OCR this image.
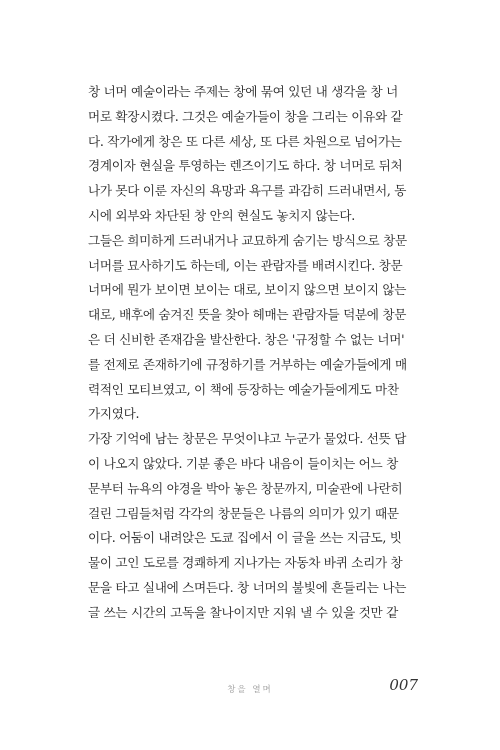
창 너머 예술이라는 주제는 창에 묶여 있던 내 생각을 창 너
머로 확장시켰다. 그것은 예술가들이 창을 그리는 이유와 같
다. 작가에게 창은 또 다른 세상, 또 다른 차원으로 넘어가는
경계이자 현실을 투영하는 렌즈이기도 하다. 창 너머로 뒤처
나가 못다 이룬 자신의 욕망과 욕구를 과감히 드러내면서, 동
시에 외부와 차단된 창 안의 현실도 놓치지 않는다.

그들은 희미하게 드러내거나 교묘하게 숨기는 방식으로 창문
너머를 묘사하기도 하는데, 이는 관람자를 배려시킨다. 창문
너머에 뭔가 보이면 보이는 대로, 보이지 않으면 보이지 않는
대로, 배후에 숨겨진 뜻을 찾아 헤매는 관람자들 덕분에 창문
은 더 신비한 존재감을 발산한다. 창은 '규정할 수 없는 너머'
를 전제로 존재하기에 규정하기를 거부하는 예술가들에게 매
력적인 모티브였고, 이 책에 등장하는 예술가들에게도 마찬
가지였다.

가장 기억에 남는 창문은 무엇이냐고 누군가 물었다. 선뜻 답
이 나오지 않았다. 기분 좋은 바다 내음이 들이치는 어느 창
문부터 뉴욕의 야경을 박아 놓은 창문까지, 미술관에 나란히
걸린 그림들처럼 각각의 창문들은 나름의 의미가 있기 때문
이다. 어둠이 내려앉은 도쿄 집에서 이 글을 쓰는 지금도, 빗
물이 고인 도로를 경쾌하게 지나가는 자동차 바퀴 소리가 창
문을 타고 실내에 스며든다. 창 너머의 불빛에 흔들리는 나는
글 쓰는 시간의 고독을 찰나이지만 지워 낼 수 있을 것만 같

창을 열며	007
